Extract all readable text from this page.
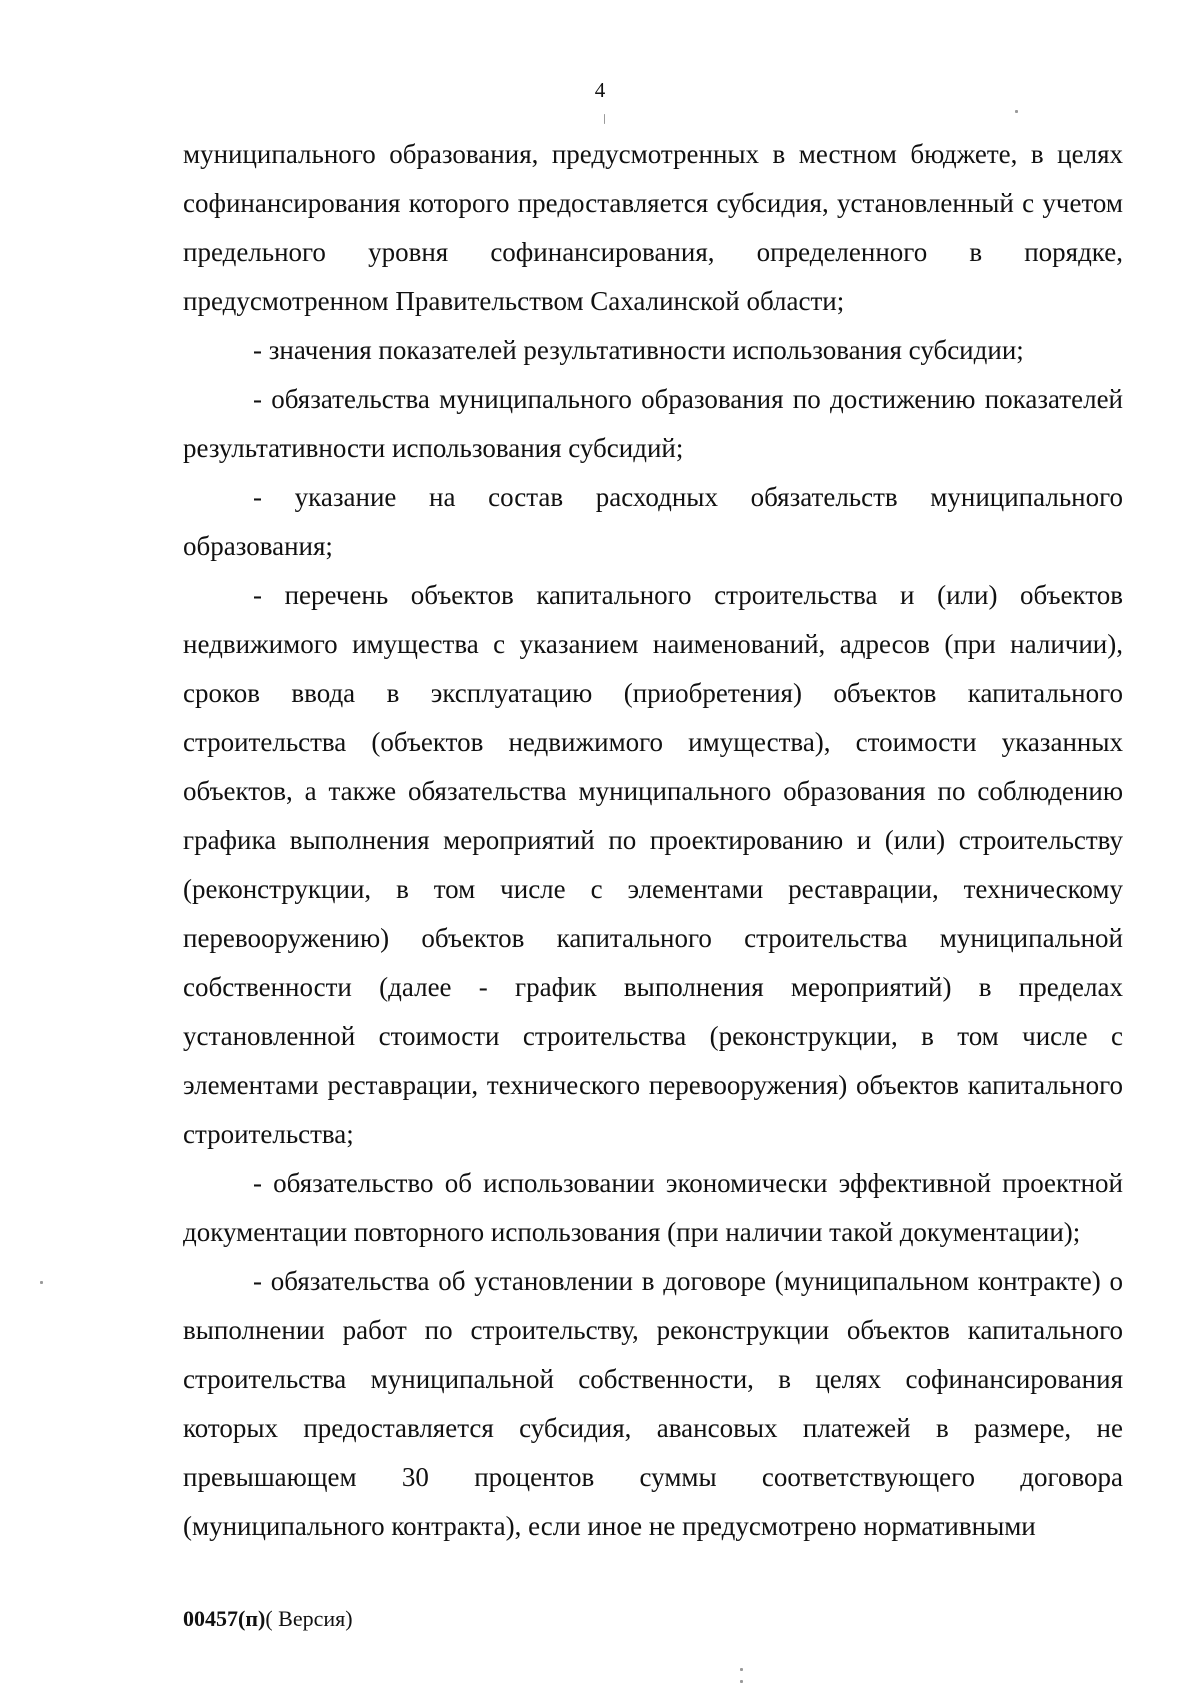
4

муниципального образования, предусмотренных в местном бюджете, в целях софинансирования которого предоставляется субсидия, установленный с учетом предельного уровня софинансирования, определенного в порядке, предусмотренном Правительством Сахалинской области;

- значения показателей результативности использования субсидии;

- обязательства муниципального образования по достижению показателей результативности использования субсидий;

- указание на состав расходных обязательств муниципального образования;

- перечень объектов капитального строительства и (или) объектов недвижимого имущества с указанием наименований, адресов (при наличии), сроков ввода в эксплуатацию (приобретения) объектов капитального строительства (объектов недвижимого имущества), стоимости указанных объектов, а также обязательства муниципального образования по соблюдению графика выполнения мероприятий по проектированию и (или) строительству (реконструкции, в том числе с элементами реставрации, техническому перевооружению) объектов капитального строительства муниципальной собственности (далее - график выполнения мероприятий) в пределах установленной стоимости строительства (реконструкции, в том числе с элементами реставрации, технического перевооружения) объектов капитального строительства;

- обязательство об использовании экономически эффективной проектной документации повторного использования (при наличии такой документации);

- обязательства об установлении в договоре (муниципальном контракте) о выполнении работ по строительству, реконструкции объектов капитального строительства муниципальной собственности, в целях софинансирования которых предоставляется субсидия, авансовых платежей в размере, не превышающем 30 процентов суммы соответствующего договора (муниципального контракта), если иное не предусмотрено нормативными

00457(п)( Версия)
